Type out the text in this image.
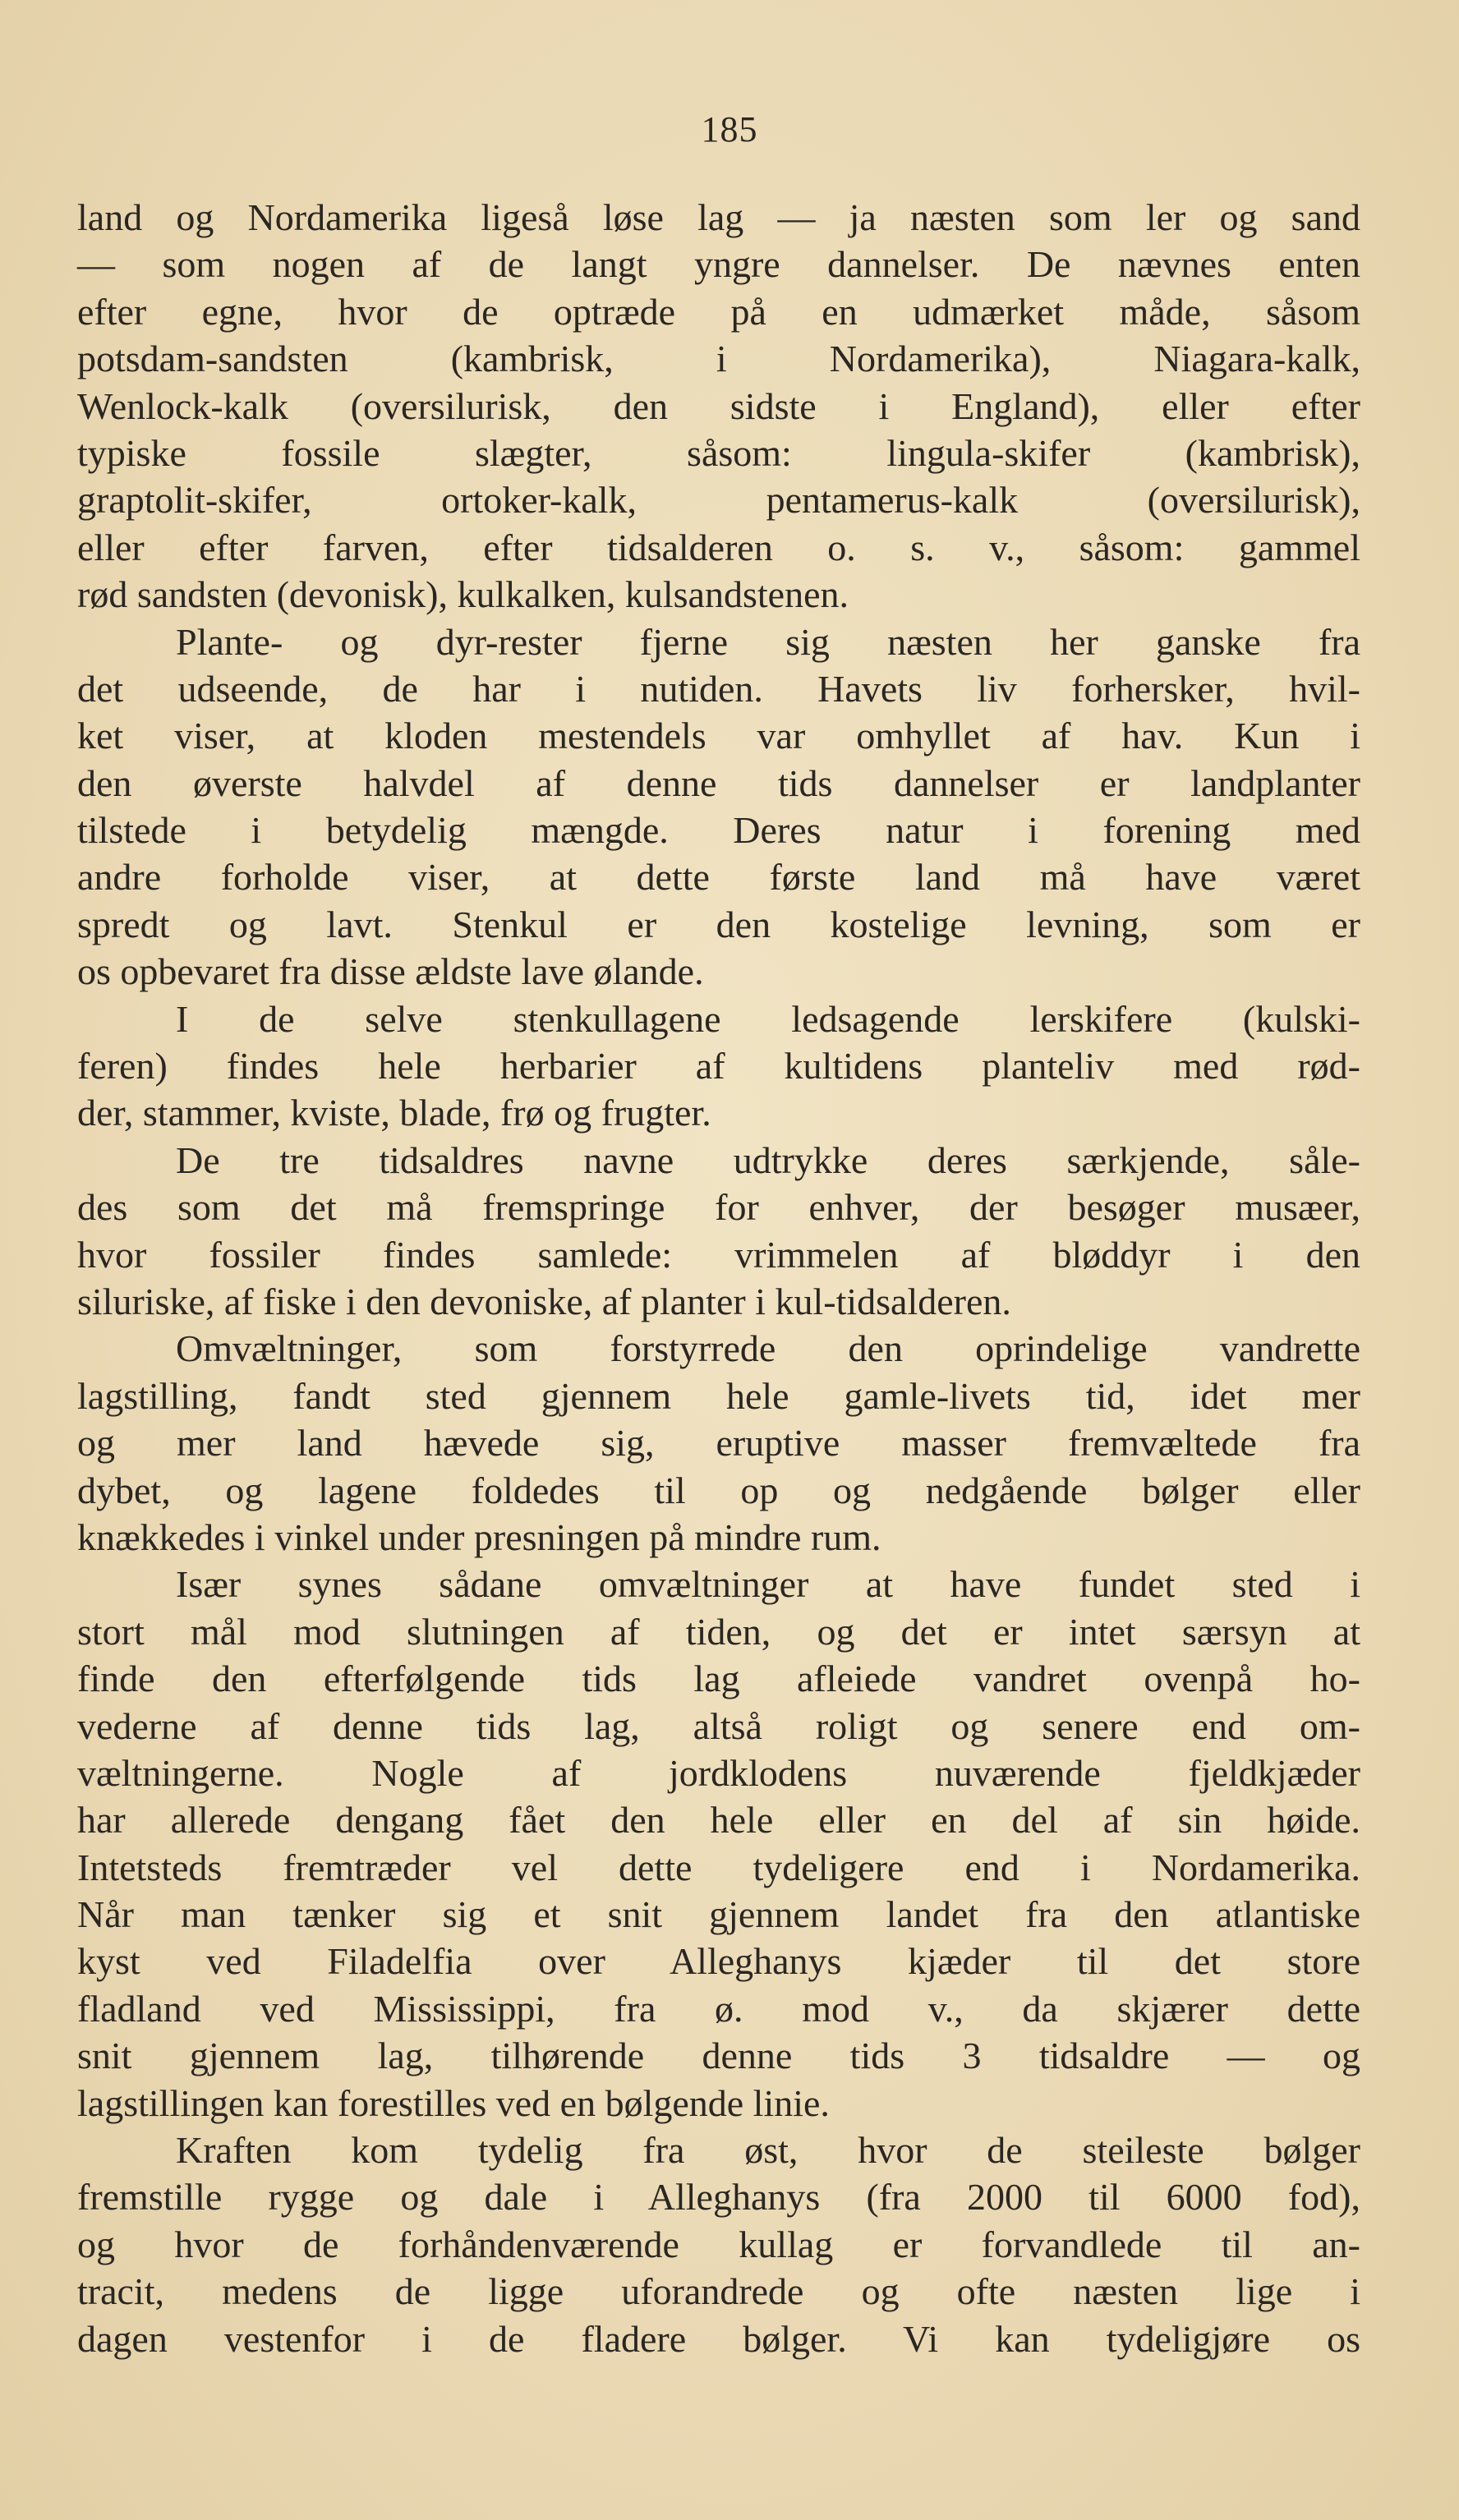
185
land og Nordamerika ligeså løse lag — ja næsten som ler og sand
— som nogen af de langt yngre dannelser. De nævnes enten
efter egne, hvor de optræde på en udmærket måde, såsom
potsdam-sandsten (kambrisk, i Nordamerika), Niagara-kalk,
Wenlock-kalk (oversilurisk, den sidste i England), eller efter
typiske fossile slægter, såsom: lingula-skifer (kambrisk),
graptolit-skifer, ortoker-kalk, pentamerus-kalk (oversilurisk),
eller efter farven, efter tidsalderen o. s. v., såsom: gammel
rød sandsten (devonisk), kulkalken, kulsandstenen.
Plante- og dyr-rester fjerne sig næsten her ganske fra
det udseende, de har i nutiden. Havets liv forhersker, hvil-
ket viser, at kloden mestendels var omhyllet af hav. Kun i
den øverste halvdel af denne tids dannelser er landplanter
tilstede i betydelig mængde. Deres natur i forening med
andre forholde viser, at dette første land må have været
spredt og lavt. Stenkul er den kostelige levning, som er
os opbevaret fra disse ældste lave ølande.
I de selve stenkullagene ledsagende lerskifere (kulski-
feren) findes hele herbarier af kultidens planteliv med rød-
der, stammer, kviste, blade, frø og frugter.
De tre tidsaldres navne udtrykke deres særkjende, såle-
des som det må fremspringe for enhver, der besøger musæer,
hvor fossiler findes samlede: vrimmelen af bløddyr i den
siluriske, af fiske i den devoniske, af planter i kul-tidsalderen.
Omvæltninger, som forstyrrede den oprindelige vandrette
lagstilling, fandt sted gjennem hele gamle-livets tid, idet mer
og mer land hævede sig, eruptive masser fremvæltede fra
dybet, og lagene foldedes til op og nedgående bølger eller
knækkedes i vinkel under presningen på mindre rum.
Især synes sådane omvæltninger at have fundet sted i
stort mål mod slutningen af tiden, og det er intet særsyn at
finde den efterfølgende tids lag afleiede vandret ovenpå ho-
vederne af denne tids lag, altså roligt og senere end om-
væltningerne. Nogle af jordklodens nuværende fjeldkjæder
har allerede dengang fået den hele eller en del af sin høide.
Intetsteds fremtræder vel dette tydeligere end i Nordamerika.
Når man tænker sig et snit gjennem landet fra den atlantiske
kyst ved Filadelfia over Alleghanys kjæder til det store
fladland ved Mississippi, fra ø. mod v., da skjærer dette
snit gjennem lag, tilhørende denne tids 3 tidsaldre — og
lagstillingen kan forestilles ved en bølgende linie.
Kraften kom tydelig fra øst, hvor de steileste bølger
fremstille rygge og dale i Alleghanys (fra 2000 til 6000 fod),
og hvor de forhåndenværende kullag er forvandlede til an-
tracit, medens de ligge uforandrede og ofte næsten lige i
dagen vestenfor i de fladere bølger. Vi kan tydeligjøre os
